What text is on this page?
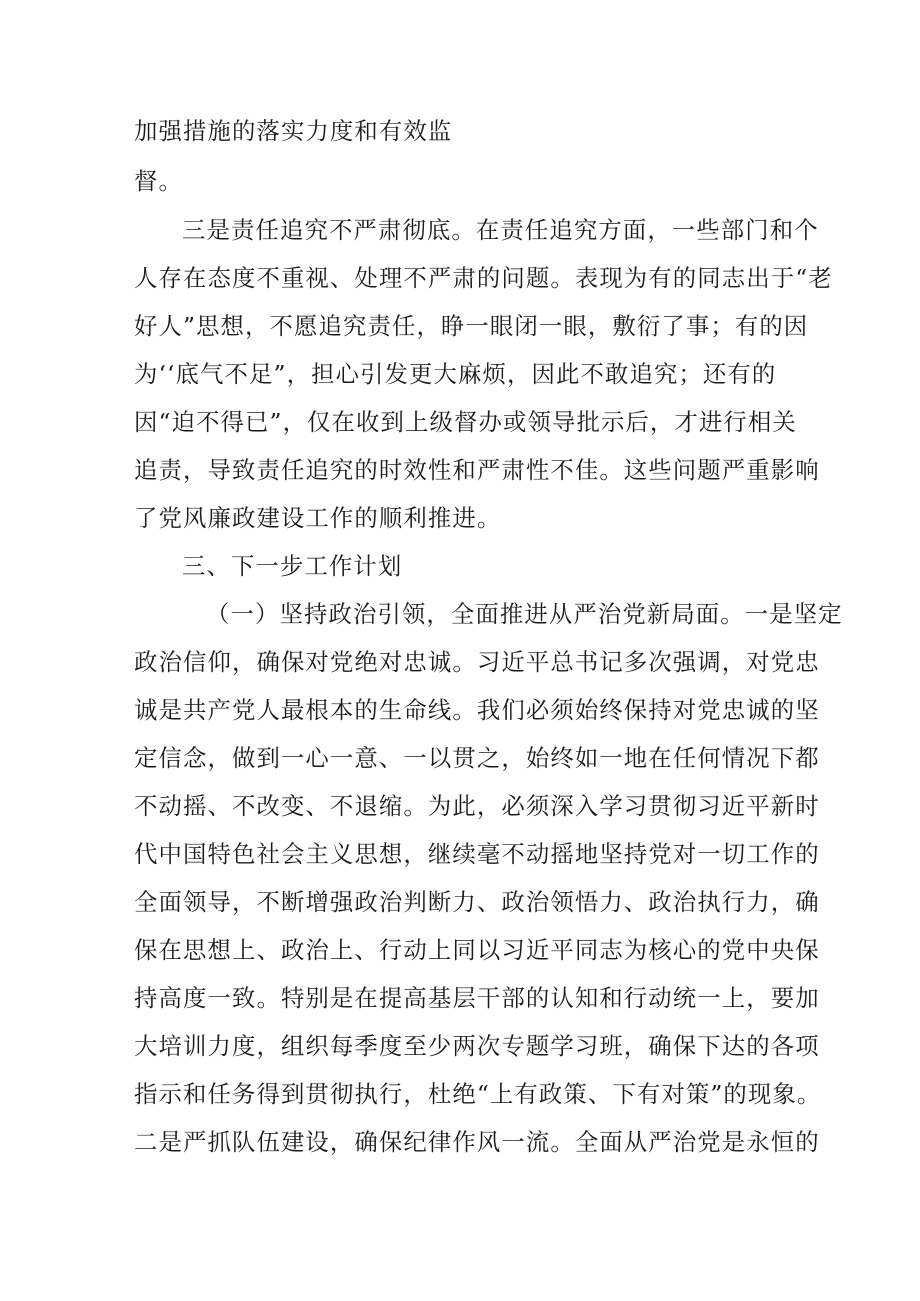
加强措施的落实力度和有效监

督。

三是责任追究不严肃彻底。在责任追究方面，一些部门和个

人存在态度不重视、处理不严肃的问题。表现为有的同志出于“老

好人”思想，不愿追究责任，睁一眼闭一眼，敷衍了事；有的因

为‘‘底气不足”，担心引发更大麻烦，因此不敢追究；还有的

因“迫不得已”，仅在收到上级督办或领导批示后，才进行相关

追责，导致责任追究的时效性和严肃性不佳。这些问题严重影响

了党风廉政建设工作的顺利推进。

三、下一步工作计划

（一）坚持政治引领，全面推进从严治党新局面。一是坚定

政治信仰，确保对党绝对忠诚。习近平总书记多次强调，对党忠

诚是共产党人最根本的生命线。我们必须始终保持对党忠诚的坚

定信念，做到一心一意、一以贯之，始终如一地在任何情况下都

不动摇、不改变、不退缩。为此，必须深入学习贯彻习近平新时

代中国特色社会主义思想，继续毫不动摇地坚持党对一切工作的

全面领导，不断增强政治判断力、政治领悟力、政治执行力，确

保在思想上、政治上、行动上同以习近平同志为核心的党中央保

持高度一致。特别是在提高基层干部的认知和行动统一上，要加

大培训力度，组织每季度至少两次专题学习班，确保下达的各项

指示和任务得到贯彻执行，杜绝“上有政策、下有对策”的现象。

二是严抓队伍建设，确保纪律作风一流。全面从严治党是永恒的
